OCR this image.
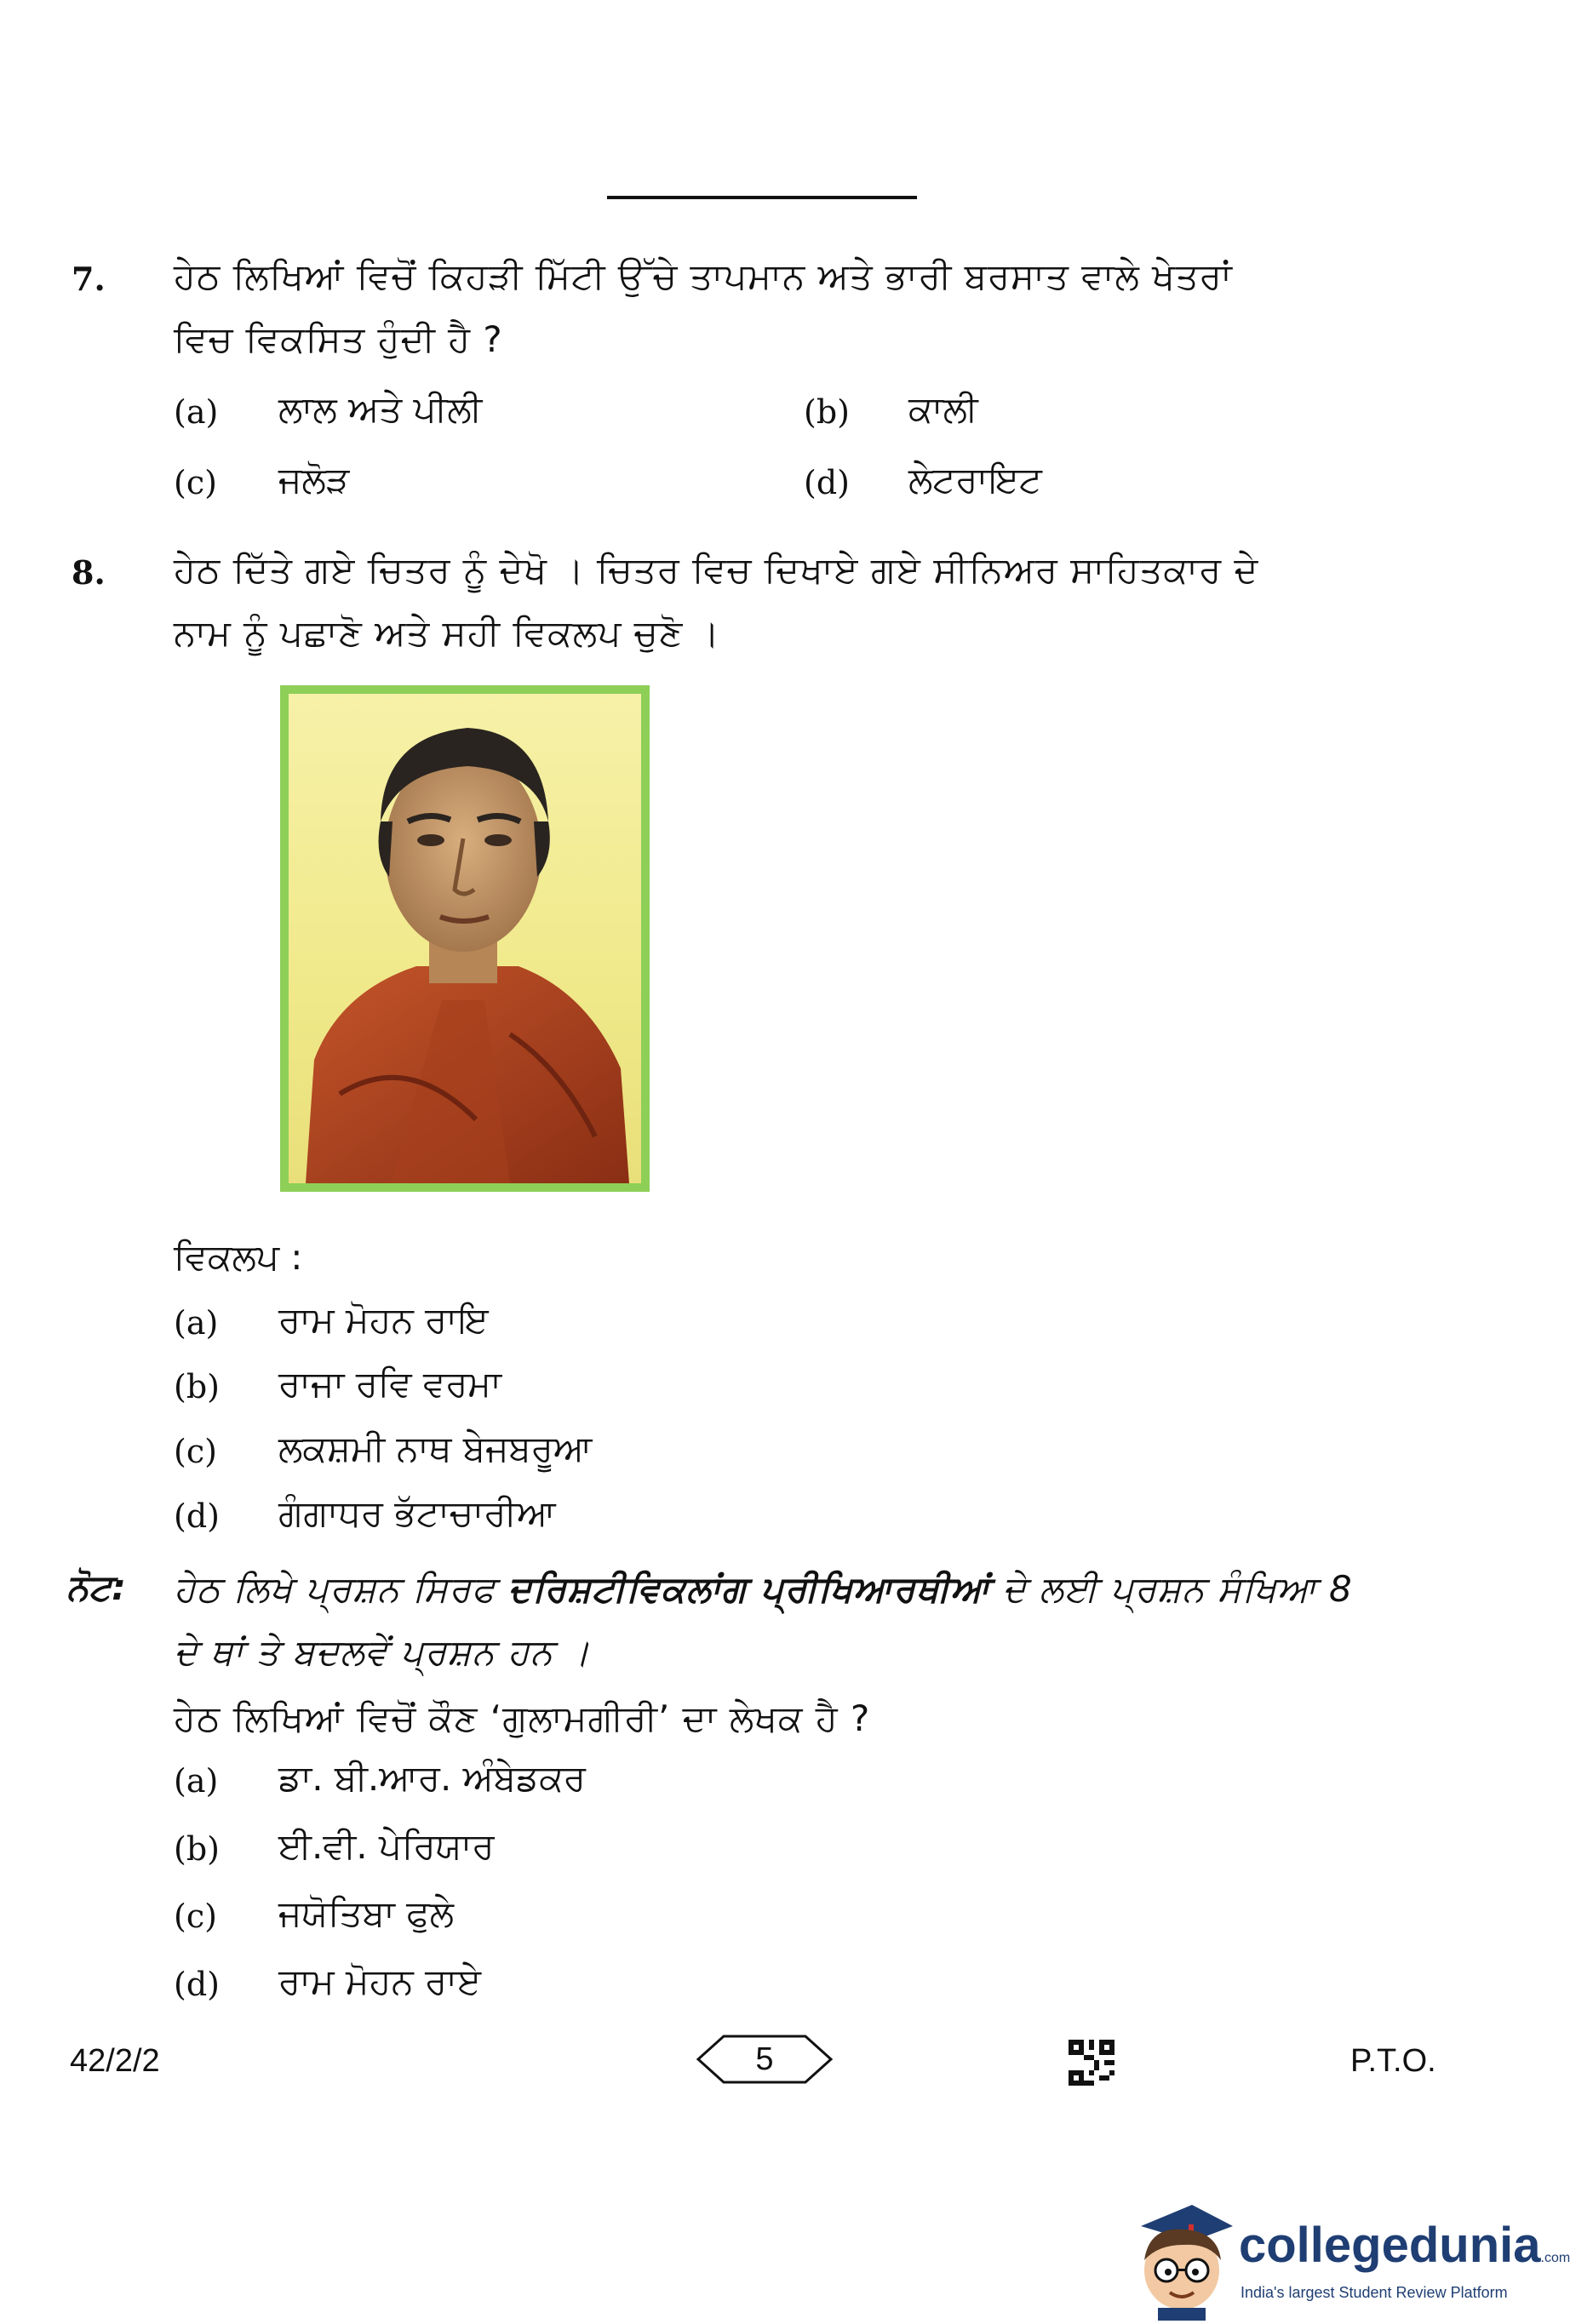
7. ਹੇਠ ਲਿਖਿਆਂ ਵਿਚੋਂ ਕਿਹੜੀ ਮਿੱਟੀ ਉੱਚੇ ਤਾਪਮਾਨ ਅਤੇ ਭਾਰੀ ਬਰਸਾਤ ਵਾਲੇ ਖੇਤਰਾਂ
ਵਿਚ ਵਿਕਸਿਤ ਹੁੰਦੀ ਹੈ ?
(a) ਲਾਲ ਅਤੇ ਪੀਲੀ	(b) ਕਾਲੀ
(c) ਜਲੋੜ	(d) ਲੇਟਰਾਇਟ
8. ਹੇਠ ਦਿੱਤੇ ਗਏ ਚਿਤਰ ਨੂੰ ਦੇਖੋ । ਚਿਤਰ ਵਿਚ ਦਿਖਾਏ ਗਏ ਸੀਨਿਅਰ ਸਾਹਿਤਕਾਰ ਦੇ
ਨਾਮ ਨੂੰ ਪਛਾਣੋ ਅਤੇ ਸਹੀ ਵਿਕਲਪ ਚੁਣੋ ।
ਵਿਕਲਪ :
(a) ਰਾਮ ਮੋਹਨ ਰਾਇ
(b) ਰਾਜਾ ਰਵਿ ਵਰਮਾ
(c) ਲਕਸ਼ਮੀ ਨਾਥ ਬੇਜਬਰੂਆ
(d) ਗੰਗਾਧਰ ਭੱਟਾਚਾਰੀਆ
ਨੋਟ: ਹੇਠ ਲਿਖੇ ਪ੍ਰਸ਼ਨ ਸਿਰਫ ਦਰਿਸ਼ਟੀਵਿਕਲਾਂਗ ਪ੍ਰੀਖਿਆਰਥੀਆਂ ਦੇ ਲਈ ਪ੍ਰਸ਼ਨ ਸੰਖਿਆ 8
ਦੇ ਥਾਂ ਤੇ ਬਦਲਵੇਂ ਪ੍ਰਸ਼ਨ ਹਨ ।
ਹੇਠ ਲਿਖਿਆਂ ਵਿਚੋਂ ਕੌਣ ‘ਗੁਲਾਮਗੀਰੀ’ ਦਾ ਲੇਖਕ ਹੈ ?
(a) ਡਾ. ਬੀ.ਆਰ. ਅੰਬੇਡਕਰ
(b) ਈ.ਵੀ. ਪੇਰਿਯਾਰ
(c) ਜਯੋਤਿਬਾ ਫੁਲੇ
(d) ਰਾਮ ਮੋਹਨ ਰਾਏ
42/2/2	5	P.T.O.
collegedunia.com
India's largest Student Review Platform
